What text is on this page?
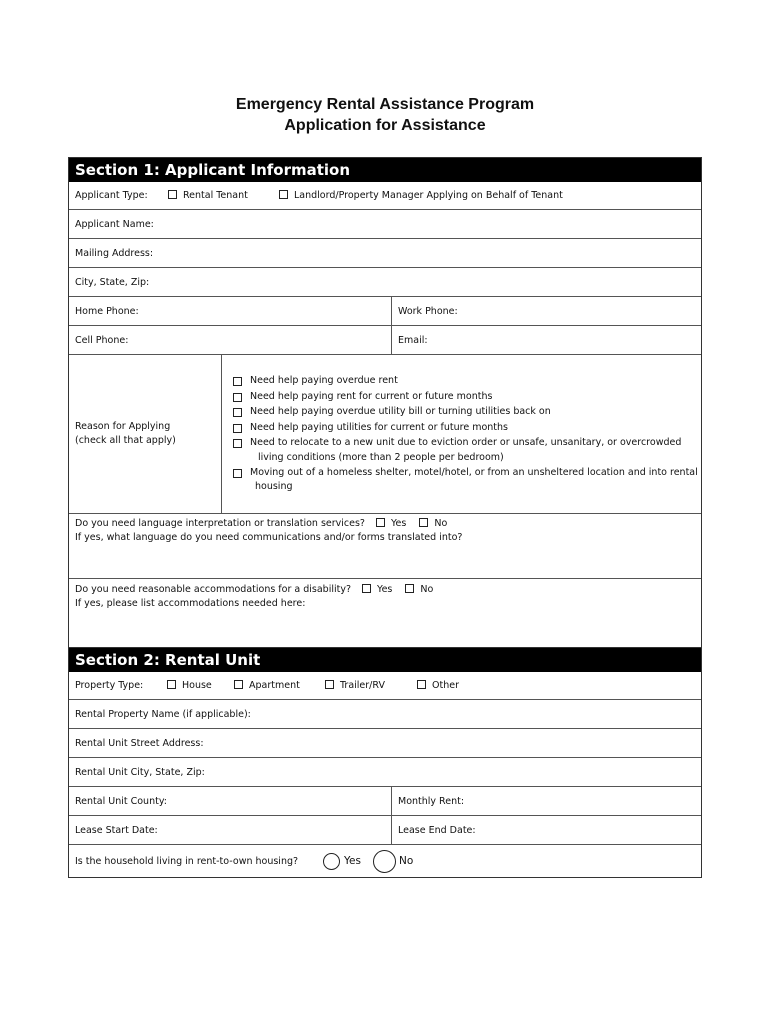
Emergency Rental Assistance Program
Application for Assistance
Section 1: Applicant Information
Applicant Type:	Rental Tenant	Landlord/Property Manager Applying on Behalf of Tenant
Applicant Name:
Mailing Address:
City, State, Zip:
Home Phone:	Work Phone:
Cell Phone:	Email:
Reason for Applying
(check all that apply)
Need help paying overdue rent
Need help paying rent for current or future months
Need help paying overdue utility bill or turning utilities back on
Need help paying utilities for current or future months
Need to relocate to a new unit due to eviction order or unsafe, unsanitary, or overcrowded
living conditions (more than 2 people per bedroom)
Moving out of a homeless shelter, motel/hotel, or from an unsheltered location and into rental
housing
Do you need language interpretation or translation services?	Yes	No
If yes, what language do you need communications and/or forms translated into?
Do you need reasonable accommodations for a disability?	Yes	No
If yes, please list accommodations needed here:
Section 2: Rental Unit
Property Type:	House	Apartment	Trailer/RV	Other
Rental Property Name (if applicable):
Rental Unit Street Address:
Rental Unit City, State, Zip:
Rental Unit County:	Monthly Rent:
Lease Start Date:	Lease End Date:
Is the household living in rent-to-own housing?	Yes	No
